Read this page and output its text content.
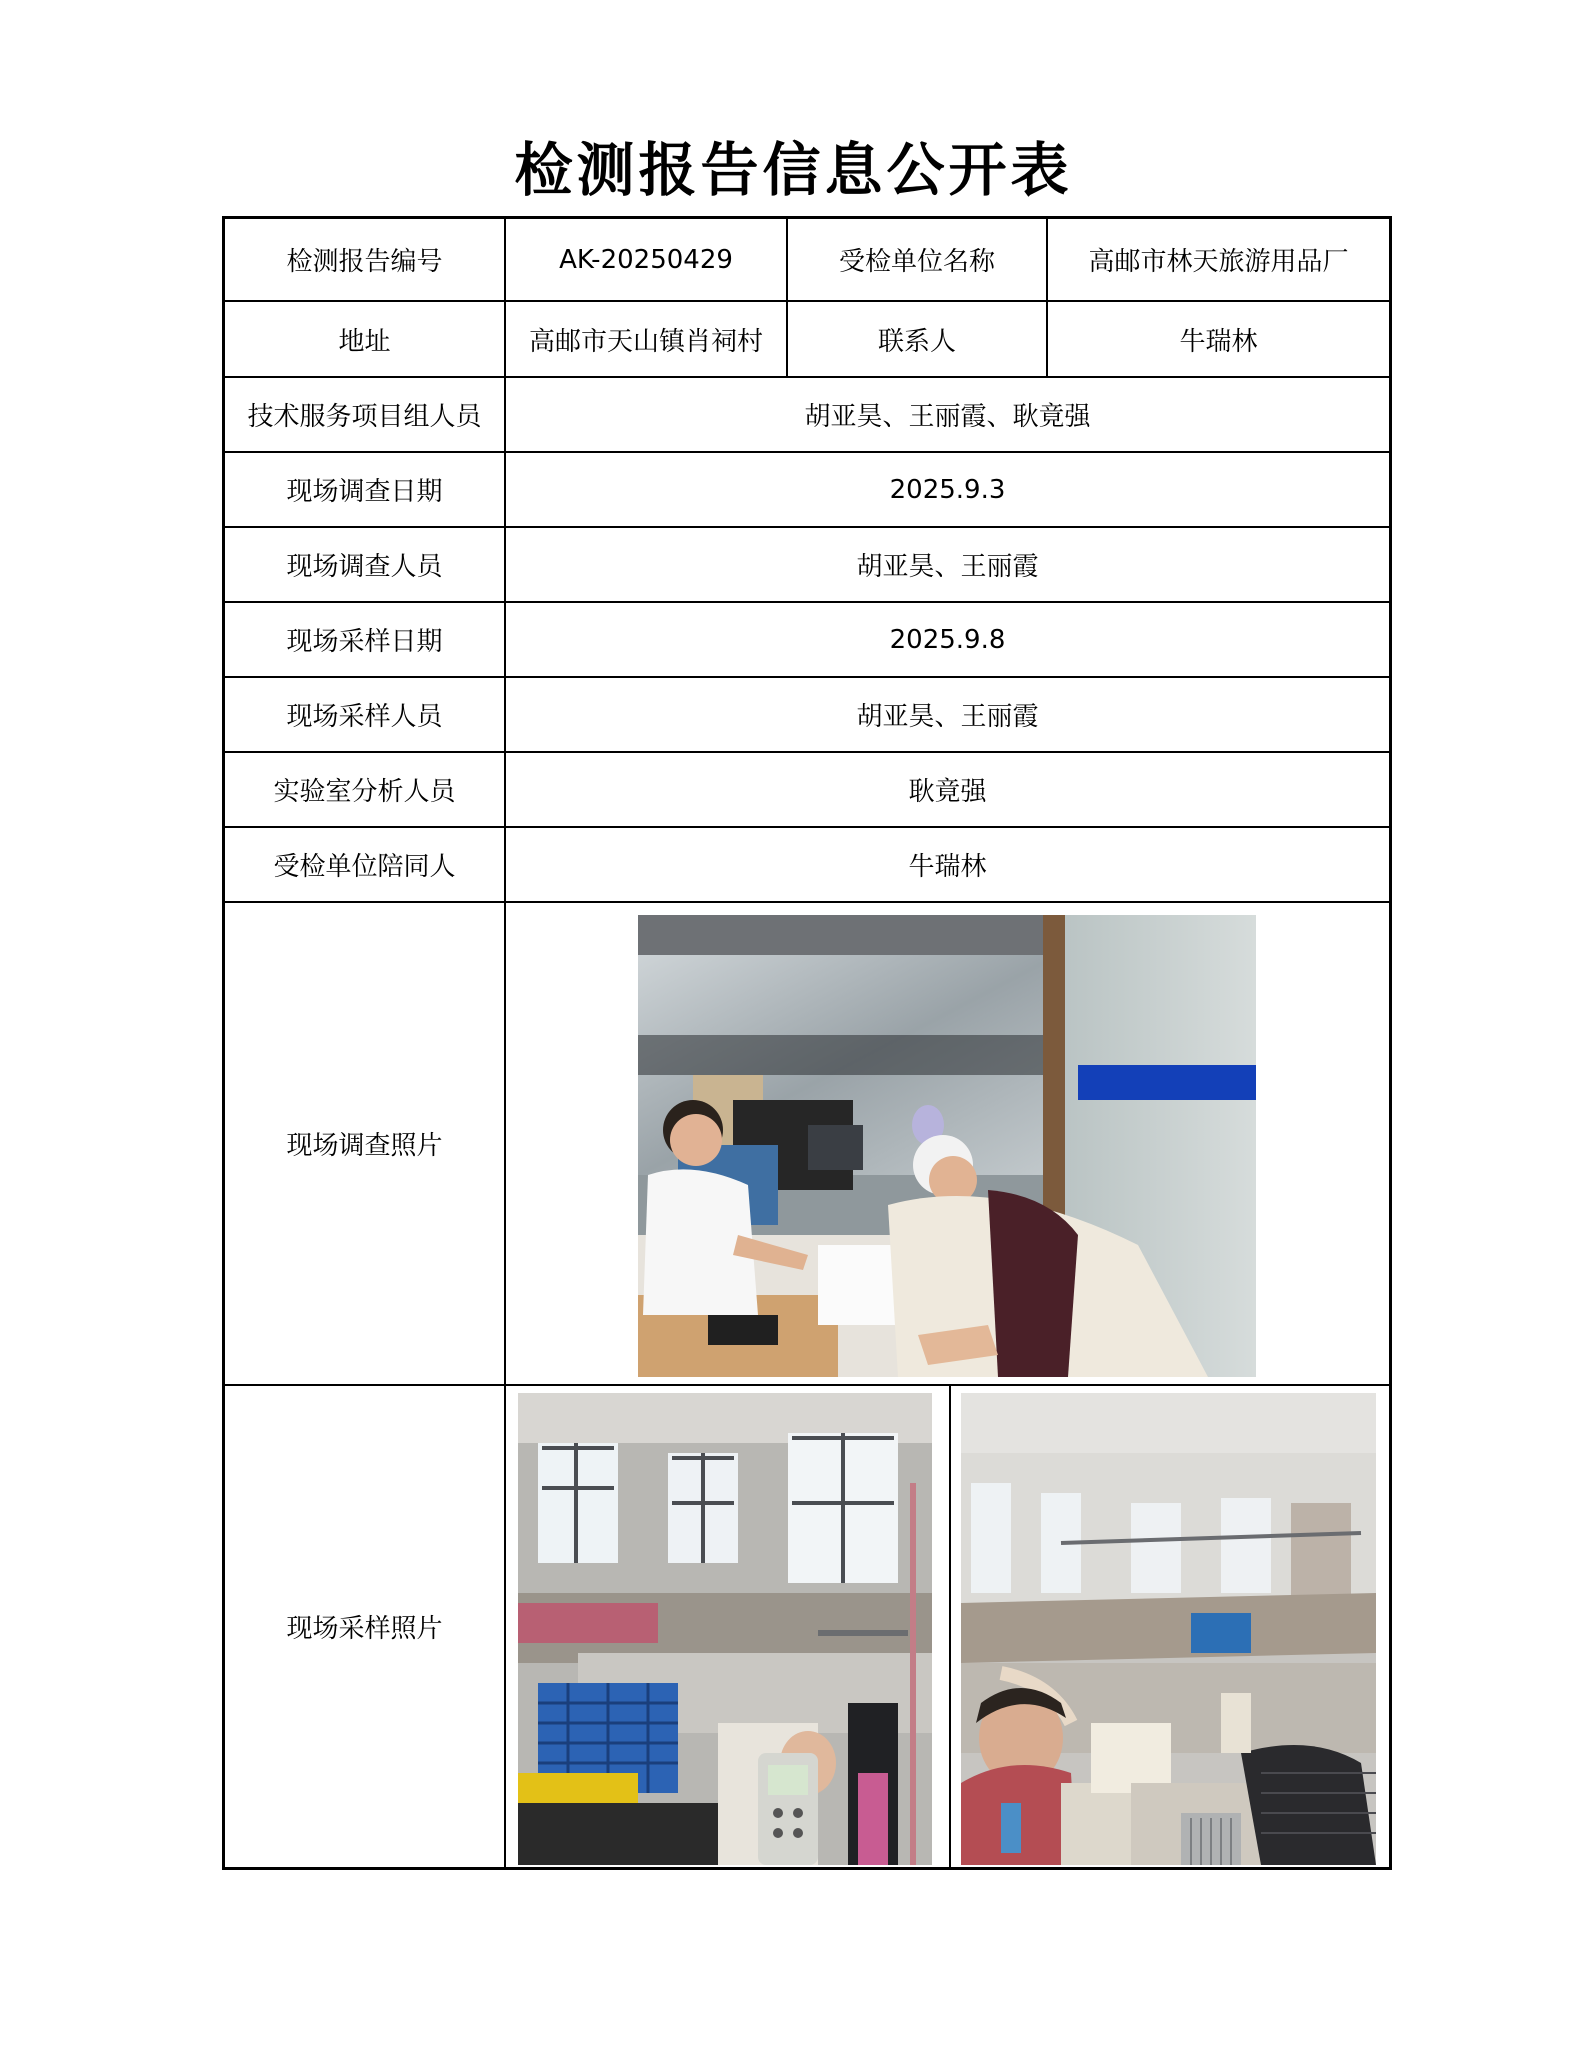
检测报告信息公开表
检测报告编号	AK-20250429	受检单位名称	高邮市林天旅游用品厂
地址	高邮市天山镇肖祠村	联系人	牛瑞林
技术服务项目组人员	胡亚昊、王丽霞、耿竟强
现场调查日期	2025.9.3
现场调查人员	胡亚昊、王丽霞
现场采样日期	2025.9.8
现场采样人员	胡亚昊、王丽霞
实验室分析人员	耿竟强
受检单位陪同人	牛瑞林
现场调查照片
现场采样照片
